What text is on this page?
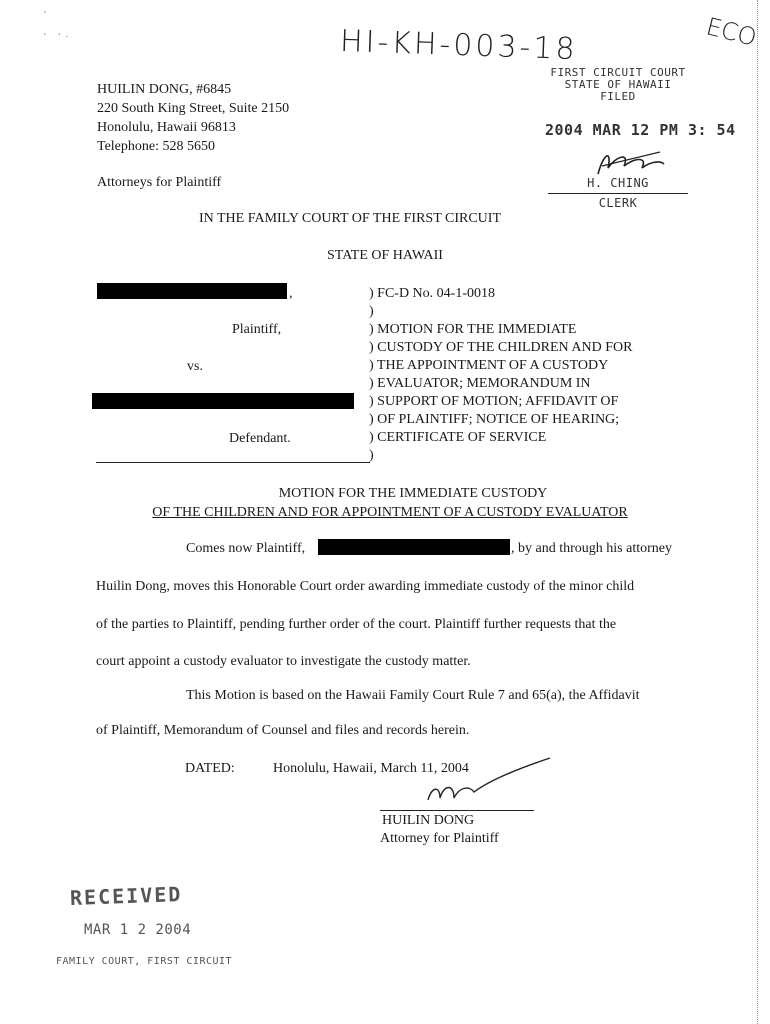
′
'     '  ·	HI-KH-003-18	ECO
HUILIN DONG, #6845
220 South King Street, Suite 2150
Honolulu, Hawaii 96813
Telephone: 528 5650
Attorneys for Plaintiff
FIRST CIRCUIT COURT
STATE OF HAWAII
FILED
2004 MAR 12 PM 3: 54
H. CHING
CLERK
IN THE FAMILY COURT OF THE FIRST CIRCUIT
STATE OF HAWAII
,
Plaintiff,
vs.
Defendant.
) FC-D No. 04-1-0018
)
) MOTION FOR THE IMMEDIATE
) CUSTODY OF THE CHILDREN AND FOR
) THE APPOINTMENT OF A CUSTODY
) EVALUATOR; MEMORANDUM IN
) SUPPORT OF MOTION; AFFIDAVIT OF
) OF PLAINTIFF; NOTICE OF HEARING;
) CERTIFICATE OF SERVICE
)
MOTION FOR THE IMMEDIATE CUSTODY
OF THE CHILDREN AND FOR APPOINTMENT OF A CUSTODY EVALUATOR
Comes now Plaintiff,	, by and through his attorney
Huilin Dong, moves this Honorable Court order awarding immediate custody of the minor child
of the parties to Plaintiff, pending further order of the court. Plaintiff further requests that the
court appoint a custody evaluator to investigate the custody matter.
This Motion is based on the Hawaii Family Court Rule 7 and 65(a), the Affidavit
of Plaintiff, Memorandum of Counsel and files and records herein.
DATED:	Honolulu, Hawaii, March 11, 2004
HUILIN DONG
Attorney for Plaintiff
RECEIVED
MAR 1 2 2004
FAMILY COURT, FIRST CIRCUIT
